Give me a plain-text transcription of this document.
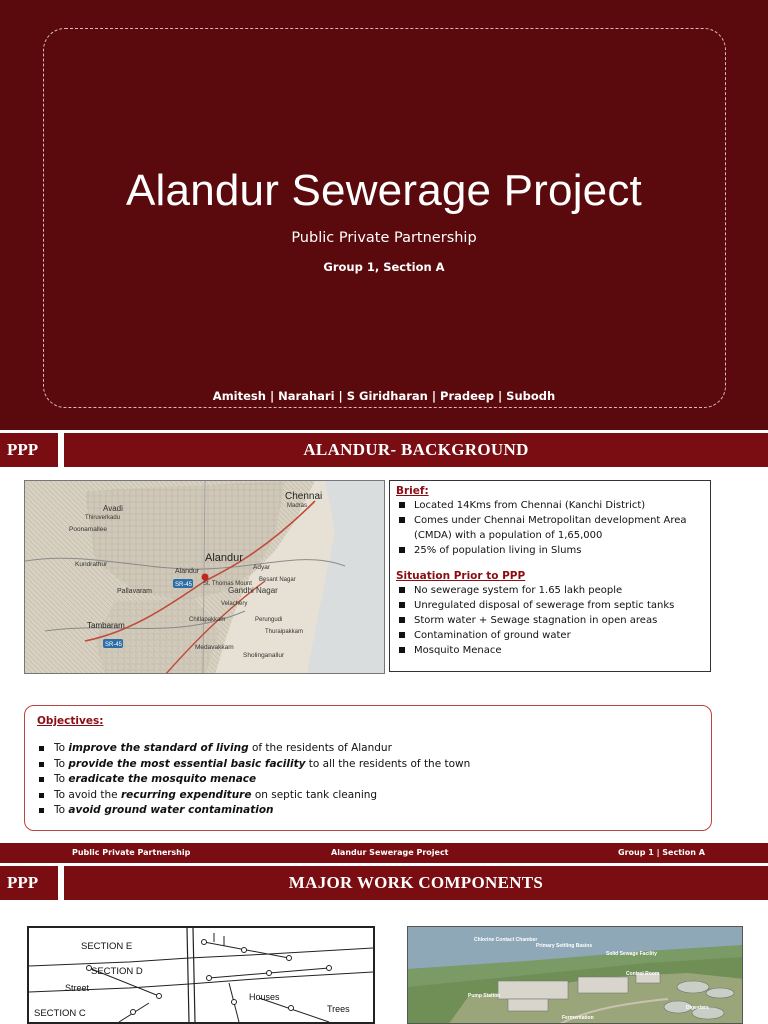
Alandur Sewerage Project
Public Private Partnership
Group 1, Section A
Amitesh | Narahari | S Giridharan | Pradeep | Subodh
PPP	ALANDUR- BACKGROUND
Chennai
Madras
Alandur
Alandur
Gandhi Nagar
Tambaram
Pallavaram
Avadi
Poonamallee
Kundrathur
St. Thomas Mount
Adyar
Velachery
Medavakkam
Sholinganallur
Thiruverkadu
Perungudi
Thuraipakkam
Besant Nagar
Chitlapakkam
SR-45
SR-45
Brief:
Located 14Kms from Chennai (Kanchi District)
Comes under Chennai Metropolitan development Area (CMDA) with a population of 1,65,000
25% of population living in Slums
Situation Prior to PPP
No sewerage system for 1.65 lakh people
Unregulated disposal of sewerage from septic tanks
Storm water + Sewage stagnation in open areas
Contamination of ground water
Mosquito Menace
Objectives:
To improve the standard of living of the residents of Alandur
To provide the most essential basic facility to all the residents of the town
To eradicate the mosquito menace
To avoid the recurring expenditure on septic tank cleaning
To avoid ground water contamination
Public Private Partnership	Alandur Sewerage Project	Group 1 | Section A
PPP	MAJOR WORK COMPONENTS
SECTION E
SECTION D
Street
SECTION C
Houses
Trees
Chlorine Contact Chamber
Primary Settling Basins
Solid Sewage Facility
Control Room
Pump Station
Digesters
Fermentation
